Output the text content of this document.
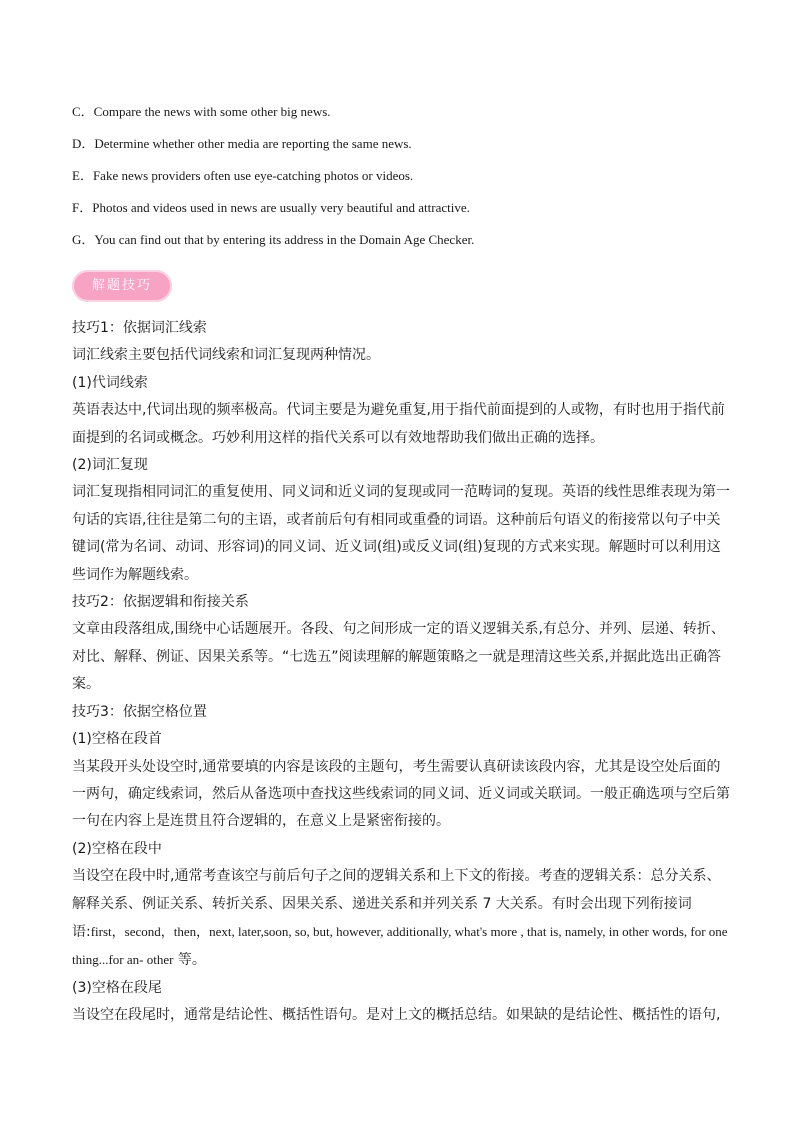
C．Compare the news with some other big news.
D．Determine whether other media are reporting the same news.
E．Fake news providers often use eye-catching photos or videos.
F．Photos and videos used in news are usually very beautiful and attractive.
G．You can find out that by entering its address in the Domain Age Checker.
解题技巧

技巧1：依据词汇线索

词汇线索主要包括代词线索和词汇复现两种情况。

(1)代词线索

英语表达中,代词出现的频率极高。代词主要是为避免重复,用于指代前面提到的人或物，有时也用于指代前面提到的名词或概念。巧妙利用这样的指代关系可以有效地帮助我们做出正确的选择。

(2)词汇复现

词汇复现指相同词汇的重复使用、同义词和近义词的复现或同一范畴词的复现。英语的线性思维表现为第一句话的宾语,往往是第二句的主语，或者前后句有相同或重叠的词语。这种前后句语义的衔接常以句子中关键词(常为名词、动词、形容词)的同义词、近义词(组)或反义词(组)复现的方式来实现。解题时可以利用这些词作为解题线索。

技巧2：依据逻辑和衔接关系

文章由段落组成,围绕中心话题展开。各段、句之间形成一定的语义逻辑关系,有总分、并列、层递、转折、对比、解释、例证、因果关系等。“七选五”阅读理解的解题策略之一就是理清这些关系,并据此选出正确答案。

技巧3：依据空格位置

(1)空格在段首

当某段开头处设空时,通常要填的内容是该段的主题句，考生需要认真研读该段内容，尤其是设空处后面的一两句，确定线索词，然后从备选项中查找这些线索词的同义词、近义词或关联词。一般正确选项与空后第一句在内容上是连贯且符合逻辑的，在意义上是紧密衔接的。

(2)空格在段中

当设空在段中时,通常考查该空与前后句子之间的逻辑关系和上下文的衔接。考查的逻辑关系：总分关系、解释关系、例证关系、转折关系、因果关系、递进关系和并列关系 7 大关系。有时会出现下列衔接词语:first，second，then，next, later,soon, so, but, however, additionally, what's more , that is, namely, in other words, for one thing...for an- other 等。

(3)空格在段尾

当设空在段尾时，通常是结论性、概括性语句。是对上文的概括总结。如果缺的是结论性、概括性的语句,
